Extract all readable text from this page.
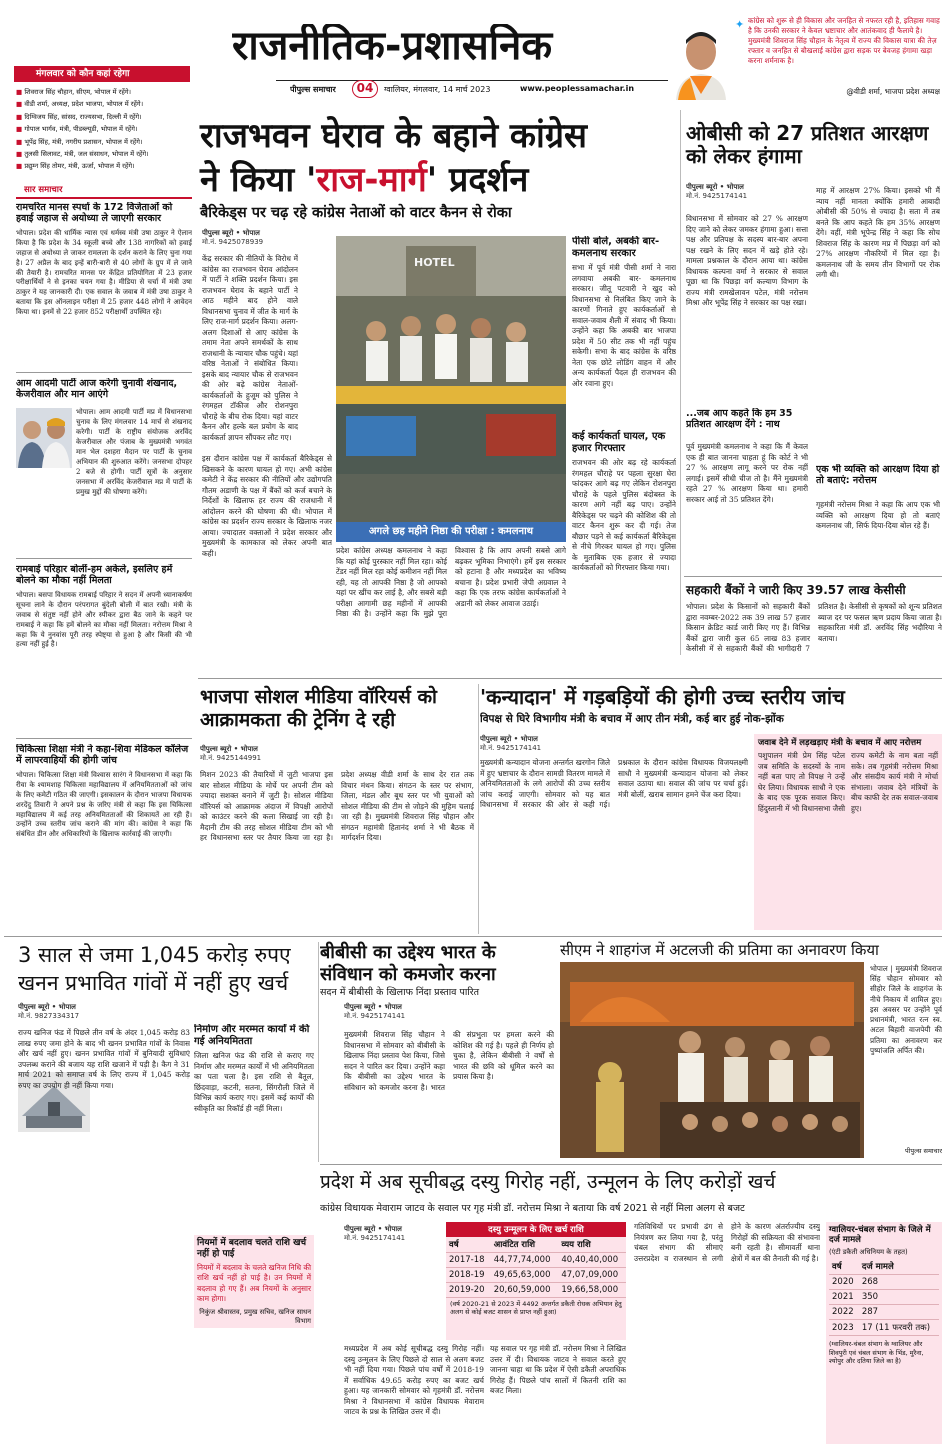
राजनीतिक-प्रशासनिक
पीपुल्स समाचार	04	ग्वालियर, मंगलवार, 14 मार्च 2023	www.peoplessamachar.in
✦ कांग्रेस को शुरू से ही विकास और जनहित से नफरत रही है, इतिहास गवाह है कि उनकी सरकार ने केवल भ्रष्टाचार और आतंकवाद ही फैलाये है। मुख्यमंत्री शिवराज सिंह चौहान के नेतृत्व में राज्य की विकास यात्रा की तेज़ रफ्तार व जनहित से बौखलाई कांग्रेस द्वारा सड़क पर बेवजह हंगामा खड़ा करना शर्मनाक है।
@वीडी शर्मा, भाजपा प्रदेश अध्यक्ष
मंगलवार को कौन कहां रहेगा
■ शिवराज सिंह चौहान, सीएम, भोपाल में रहेंगे।
■ वीडी शर्मा, अध्यक्ष, प्रदेश भाजपा, भोपाल में रहेंगे।
■ दिग्विजय सिंह, सांसद, राज्यसभा, दिल्ली में रहेंगे।
■ गोपाल भार्गव, मंत्री, पीडब्ल्यूडी, भोपाल में रहेंगे।
■ भूपेंद्र सिंह, मंत्री, नगरीय प्रशासन, भोपाल में रहेंगे।
■ तुलसी सिलावट, मंत्री, जल संसाधन, भोपाल में रहेंगे।
■ प्रद्युम्न सिंह तोमर, मंत्री, ऊर्जा, भोपाल में रहेंगे।
सार समाचार
रामचरित मानस स्पर्धा के 172 विजेताओं को हवाई जहाज से अयोध्या ले जाएगी सरकार
भोपाल। प्रदेश की धार्मिक न्यास एवं धर्मस्व मंत्री उषा ठाकुर ने ऐलान किया है कि प्रदेश के 34 स्कूली बच्चे और 138 नागरिकों को हवाई जहाज से अयोध्या ले जाकर रामलला के दर्शन कराने के लिए चुना गया है। 27 अप्रैल के बाद इन्हें बारी-बारी से 40 लोगों के ग्रुप में ले जाने की तैयारी है। रामचरित मानस पर केंद्रित प्रतियोगिता में 23 हजार परीक्षार्थियों ने से इनका चयन गया है। मीडिया से चर्चा में मंत्री उषा ठाकुर ने यह जानकारी दी। एक सवाल के जवाब में मंत्री उषा ठाकुर ने बताया कि इस ऑनलाइन परीक्षा में 25 हजार 448 लोगों ने आवेदन किया था। इनमें से 22 हजार 852 परीक्षार्थी उपस्थित रहे।
आम आदमी पार्टी आज करेगी चुनावी शंखनाद, केजरीवाल और मान आएंगे
भोपाल। आम आदमी पार्टी मप्र में विधानसभा चुनाव के लिए मंगलवार 14 मार्च से शंखनाद करेगी। पार्टी के राष्ट्रीय संयोजक अरविंद केजरीवाल और पंजाब के मुख्यमंत्री भगवंत मान भेल दशहरा मैदान पर पार्टी के चुनाव अभियान की शुरुआत करेंगे। जनसभा दोपहर 2 बजे से होगी। पार्टी सूत्रों के अनुसार जनसभा में अरविंद केजरीवाल मप्र में पार्टी के प्रमुख मुद्दों की घोषणा करेंगे।
रामबाई परिहार बोलीं-हम अकेले, इसलिए हमें बोलने का मौका नहीं मिलता
भोपाल। बसपा विधायक रामबाई परिहार ने सदन में अपनी ध्यानाकर्षण सूचना लाने के दौरान परंपरागत बुंदेली बोली में बात रखी। मंत्री के जवाब से संतुष्ट नहीं होने और स्पीकर द्वारा बैठ जाने के कहने पर रामबाई ने कहा कि हमें बोलने का मौका नहीं मिलता। नरोत्तम मिश्रा ने कहा कि ये नुनवांस पूरी तरह स्पेष्ट्या से हुआ है और किसी की भी हत्या नहीं हुई है।
चिकित्सा शिक्षा मंत्री ने कहा-शिवा मेडिकल कॉलेज में लापरवाहियों की होगी जांच
भोपाल। चिकित्सा शिक्षा मंत्री विश्वास सारंग ने विधानसभा में कहा कि रीवा के श्यामशाह चिकित्सा महाविद्यालय में अनियमितताओं को जांच के लिए कमेटी गठित की जाएगी। इसकालन के दौरान भाजपा विधायक शरदेंदु तिवारी ने अपने प्रश्न के जरिए मंत्री से कहा कि इस चिकित्सा महाविद्यालय में कई तरह अनियमितताओं की शिकायतें आ रही हैं। उन्होंने उच्च स्तरीय जांच कराने की मांग की। कांग्रेस ने कहा कि संबंधित डीन और अधिकारियों के खिलाफ कार्रवाई की जाएगी।
राजभवन घेराव के बहाने कांग्रेस
ने किया 'राज-मार्ग' प्रदर्शन
बैरिकेड्स पर चढ़ रहे कांग्रेस नेताओं को वाटर कैनन से रोका
पीपुल्स ब्यूरो • भोपाल
मो.नं. 9425078939
केंद्र सरकार की नीतियों के विरोध में कांग्रेस का राजभवन घेराव आंदोलन में पार्टी ने शक्ति प्रदर्शन किया। इस राजभवन घेराव के बहाने पार्टी ने आठ महीने बाद होने वाले विधानसभा चुनाव में जीत के मार्ग के लिए राज-मार्ग प्रदर्शन किया। अलग-अलग दिशाओं से आए कांग्रेस के तमाम नेता अपने समर्थकों के साथ राजधानी के न्यायार चौक पहुंचे। यहां वरिष्ठ नेताओं ने संबोधित किया। इसके बाद न्यायार चौक से राजभवन की ओर बढ़े कांग्रेस नेताओं-कार्यकर्ताओं के हुजूम को पुलिस ने रंगमहल टॉकीज और रोशनपुरा चौराहे के बीच रोक दिया। यहां वाटर कैनन और हल्के बल प्रयोग के बाद कार्यकर्ता ज्ञापन सौंपकर लौट गए।
HOTEL
अगले छह महीने निष्ठा की परीक्षा : कमलनाथ
इस दौरान कांग्रेस पक्ष में कार्यकर्ता बैरिकेड्स से खिसकने के कारण घायल हो गए। अभी कांग्रेस कमेटी ने केंद्र सरकार की नीतियों और उद्योगपति गौतम अडाणी के पक्ष में बैंकों को कर्ज बचाने के निर्देशों के खिलाफ हर राज्य की राजधानी में आंदोलन करने की घोषणा की थी। भोपाल में कांग्रेस का प्रदर्शन राज्य सरकार के खिलाफ नजर आया। ज्यादातर वक्ताओं ने प्रदेश सरकार और मुख्यमंत्री के कामकाज को लेकर अपनी बात कही।	प्रदेश कांग्रेस अध्यक्ष कमलनाथ ने कहा कि यहां कोई पुरस्कार नहीं मिल रहा। कोई टेंडर नहीं मिल रहा कोई कमीशन नहीं मिल रही, यह तो आपकी निष्ठा है जो आपको यहां पर खींच कर लाई है, और सबसे बड़ी परीक्षा आगामी छह महीनों में आपकी निष्ठा की है। उन्होंने कहा कि मुझे पूरा विश्वास है कि आप अपनी सबसे आगे बढ़कर भूमिका निभाएंगे। हमें इस सरकार को हटाना है और मध्यप्रदेश का भविष्य बचाना है। प्रदेश प्रभारी जेपी अग्रवाल ने कहा कि एक तरफ कांग्रेस कार्यकर्ताओं ने अडानी को लेकर आवाज उठाई।
पीसी बोले, अबकी बार-कमलनाथ सरकार
सभा में पूर्व मंत्री पीसी शर्मा ने नारा लगवाया अबकी बार- कमलनाथ सरकार। जीतू पटवारी ने खुद को विधानसभा से निलंबित किए जाने के कारणों गिनाते हुए कार्यकर्ताओं से सवाल-जवाब शैली में संवाद भी किया। उन्होंने कहा कि अबकी बार भाजपा प्रदेश में 50 सीट तक भी नहीं पहुंच सकेगी। सभा के बाद कांग्रेस के वरिष्ठ नेता एक छोटे लोडिंग वाहन में और अन्य कार्यकर्ता पैदल ही राजभवन की ओर रवाना हुए।
कई कार्यकर्ता घायल, एक हजार गिरफ्तार
राजभवन की ओर बढ़ रहे कार्यकर्ता रंगमहल चौराहे पर पहला सुरक्षा घेरा फांदकर आगे बढ़ गए लेकिन रोशनपुरा चौराहे के पहले पुलिस बंदोबस्त के कारण आगे नहीं बढ़ पाए। उन्होंने बैरिकेड्स पर चढ़ने की कोशिश की तो वाटर कैनन शुरू कर दी गई। तेज बौछार पड़ने से कई कार्यकर्ता बैरिकेड्स से नीचे गिरकर घायल हो गए। पुलिस के मुताबिक एक हजार से ज्यादा कार्यकर्ताओं को गिरफ्तार किया गया।
ओबीसी को 27 प्रतिशत आरक्षण को लेकर हंगामा
पीपुल्स ब्यूरो • भोपाल
मो.नं. 9425174141
विधानसभा में सोमवार को 27 % आरक्षण दिए जाने को लेकर जमकर हंगामा हुआ। सत्ता पक्ष और प्रतिपक्ष के सदस्य बार-बार अपना पक्ष रखने के लिए सदन में खड़े होते रहे। मामला प्रश्नकाल के दौरान आया था। कांग्रेस विधायक कल्पना वर्मा ने सरकार से सवाल पूछा था कि पिछड़ा वर्ग कल्याण विभाग के राज्य मंत्री रामखेलावन पटेल, मंत्री नरोत्तम मिश्रा और भूपेंद्र सिंह ने सरकार का पक्ष रखा।
...जब आप कहते कि हम 35 प्रतिशत आरक्षण देंगे : नाथ
पूर्व मुख्यमंत्री कमलनाथ ने कहा कि मैं केवल एक ही बात जानना चाहता हूं कि कोर्ट ने भी 27 % आरक्षण लागू करने पर रोक नहीं लगाई। इसमें सीधी चीज तो है। मैंने मुख्यमंत्री रहते 27 % आरक्षण किया था। हमारी सरकार आई तो 35 प्रतिशत देंगे।
माह में आरक्षण 27% किया। इसको भी मैं न्याय नहीं मानता क्योंकि हमारी आबादी ओबीसी की 50% से ज्यादा है। सता में तब बनते कि आप कहते कि हम 35% आरक्षण देंगे। वहीं, मंत्री भूपेन्द्र सिंह ने कहा कि सोच शिवराज सिंह के कारण मप्र में पिछड़ा वर्ग को 27% आरक्षण नौकरियों में मिल रहा है। कमलनाथ जी के समय तीन विभागों पर रोक लगी थी।
एक भी व्यक्ति को आरक्षण दिया हो तो बताएं: नरोत्तम
गृहमंत्री नरोत्तम मिश्रा ने कहा कि आप एक भी व्यक्ति को आरक्षण दिया हो तो बताएं कमलनाथ जी, सिर्फ दिया-दिया बोल रहे हैं।
सहकारी बैंकों ने जारी किए 39.57 लाख केसीसी
भोपाल। प्रदेश के किसानों को सहकारी बैंकों द्वारा नवम्बर-2022 तक 39 लाख 57 हजार किसान क्रेडिट कार्ड जारी किए गए हैं। विभिन्न बैंकों द्वारा जारी कुल 65 लाख 83 हजार केसीसी में से सहकारी बैंकों की भागीदारी 7 प्रतिशत है। केसीसी से कृषकों को शून्य प्रतिशत ब्याज दर पर फसल ऋण प्रदाय किया जाता है। सहकारिता मंत्री डॉ. अरविंद सिंह भदौरिया ने बताया।
भाजपा सोशल मीडिया वॉरियर्स को आक्रामकता की ट्रेनिंग दे रही
पीपुल्स ब्यूरो • भोपाल
मो.नं. 9425144991
मिशन 2023 की तैयारियों में जुटी भाजपा इस बार सोशल मीडिया के मोर्चे पर अपनी टीम को ज्यादा सशक्त बनाने में जुटी है। सोशल मीडिया वॉरियर्स को आक्रामक अंदाज में विपक्षी आरोपों को काउंटर करने की कला सिखाई जा रही है। मैदानी टीम की तरह सोशल मीडिया टीम को भी हर विधानसभा स्तर पर तैयार किया जा रहा है। प्रदेश अध्यक्ष वीडी शर्मा के साथ देर रात तक विचार मंथन किया। संगठन के स्तर पर संभाग, जिला, मंडल और बूथ स्तर पर भी युवाओं को सोशल मीडिया की टीम से जोड़ने की मुहिम चलाई जा रही है। मुख्यमंत्री शिवराज सिंह चौहान और संगठन महामंत्री हितानंद शर्मा ने भी बैठक में मार्गदर्शन दिया।
'कन्यादान' में गड़बड़ियों की होगी उच्च स्तरीय जांच
विपक्ष से घिरे विभागीय मंत्री के बचाव में आए तीन मंत्री, कई बार हुई नोक-झोंक
पीपुल्स ब्यूरो • भोपाल
मो.नं. 9425174141
मुख्यमंत्री कन्यादान योजना अन्तर्गत खरगोन जिले में हुए भ्रष्टाचार के दौरान सामग्री वितरण मामले में अनियमितताओं के लगे आरोपों की उच्च स्तरीय जांच कराई जाएगी। सोमवार को यह बात विधानसभा में सरकार की ओर से कही गई। प्रश्नकाल के दौरान कांग्रेस विधायक विजयलक्ष्मी साधौ ने मुख्यमंत्री कन्यादान योजना को लेकर सवाल उठाया था। सवाल की जांच पर चर्चा हुई। मंत्री बोलीं, खराब सामान हमने चेंज करा दिया।
जवाब देने में लड़खड़ाए मंत्री के बचाव में आए नरोत्तम
पशुपालन मंत्री प्रेम सिंह पटेल जब समिति के सदस्यों के नाम नहीं बता पाए तो विपक्ष ने उन्हें घेर लिया। विधायक साधौ ने एक के बाद एक पूरक सवाल किए। हिंदुस्तानी में भी विधानसभा जैसी राज्य कमेटी के नाम बता नहीं सके। तब गृहमंत्री नरोत्तम मिश्रा और संसदीय कार्य मंत्री ने मोर्चा संभाला। जवाब देने मंत्रियों के बीच काफी देर तक सवाल-जवाब हुए।
3 साल से जमा 1,045 करोड़ रुपए
खनन प्रभावित गांवों में नहीं हुए खर्च
पीपुल्स ब्यूरो • भोपाल
मो.नं. 9827334317
राज्य खनिज फंड में पिछले तीन वर्ष के अंदर 1,045 करोड़ 83 लाख रुपए जमा होने के बाद भी खनन प्रभावित गांवों के निवास और खर्च नहीं हुए। खनन प्रभावित गांवों में बुनियादी सुविधाएं उपलब्ध कराने की बजाय यह राशि खजाने में पड़ी है। कैग ने 31 मार्च 2021 को समाप्त वर्ष के लिए राज्य में 1,045 करोड़ रुपए का उपयोग ही नहीं किया गया।
निर्माण और मरम्मत कार्यों में की गई अनियमितता
जिला खनिज फंड की राशि से कराए गए निर्माण और मरम्मत कार्यों में भी अनियमितता का पता चला है। इस राशि से बैतूल, छिंदवाड़ा, कटनी, सतना, सिंगरौली जिले में विभिन्न कार्य कराए गए। इसमें कई कार्यों की स्वीकृति का रिकॉर्ड ही नहीं मिला।
नियमों में बदलाव चलते राशि खर्च नहीं हो पाई
नियमों में बदलाव के चलते खनिज निधि की राशि खर्च नहीं हो पाई है। उन नियमों में बदलाव हो गए हैं। अब नियमों के अनुसार काम होगा।
निकुंज श्रीवास्तव, प्रमुख सचिव, खनिज साधन विभाग
बीबीसी का उद्देश्य भारत के संविधान को कमजोर करना
सदन में बीबीसी के खिलाफ निंदा प्रस्ताव पारित
पीपुल्स ब्यूरो • भोपाल
मो.नं. 9425174141
मुख्यमंत्री शिवराज सिंह चौहान ने विधानसभा में सोमवार को बीबीसी के खिलाफ निंदा प्रस्ताव पेश किया, जिसे सदन ने पारित कर दिया। उन्होंने कहा कि बीबीसी का उद्देश्य भारत के संविधान को कमजोर करना है। भारत की संप्रभुता पर हमला करने की कोशिश की गई है। पहले ही निर्णय हो चुका है, लेकिन बीबीसी ने वर्षों से भारत की छवि को धूमिल करने का प्रयास किया है।
सीएम ने शाहगंज में अटलजी की प्रतिमा का अनावरण किया
भोपाल | मुख्यमंत्री शिवराज सिंह चौहान सोमवार को सीहोर जिले के शाहगंज के नीचे निकाय में शामिल हुए। इस अवसर पर उन्होंने पूर्व प्रधानमंत्री, भारत रत्न स्व. अटल बिहारी वाजपेयी की प्रतिमा का अनावरण कर पुष्पांजलि अर्पित की।
पीपुल्स समाचार
प्रदेश में अब सूचीबद्ध दस्यु गिरोह नहीं, उन्मूलन के लिए करोड़ों खर्च
कांग्रेस विधायक मेवाराम जाटव के सवाल पर गृह मंत्री डॉ. नरोत्तम मिश्रा ने बताया कि वर्ष 2021 से नहीं मिला अलग से बजट
पीपुल्स ब्यूरो • भोपाल
मो.नं. 9425174141
दस्यु उन्मूलन के लिए खर्च राशि
वर्ष	आवंटित राशि	व्यय राशि
2017-18	44,77,74,000	40,40,40,000
2018-19	49,65,63,000	47,07,09,000
2019-20	20,60,59,000	19,66,58,000
(वर्ष 2020-21 से 2023 में 4492 अन्तर्गत डकैती रोधक अभियान हेतु अलग से कोई बजट शासन से प्राप्त नहीं हुआ)
मध्यप्रदेश में अब कोई सूचीबद्ध दस्यु गिरोह नहीं। दस्यु उन्मूलन के लिए पिछले दो साल से अलग बजट भी नहीं दिया गया। पिछले पांच वर्षों में 2018-19 में सर्वाधिक 49.65 करोड़ रुपए का बजट खर्च हुआ। यह जानकारी सोमवार को गृहमंत्री डॉ. नरोत्तम मिश्रा ने विधानसभा में कांग्रेस विधायक मेवाराम जाटव के प्रश्न के लिखित उत्तर में दी।
यह सवाल पर गृह मंत्री डॉ. नरोत्तम मिश्रा ने लिखित उत्तर में दी। विधायक जाटव ने सवाल करते हुए जानना चाहा था कि प्रदेश में ऐसी डकैती अपराधिक गिरोह हैं। पिछले पांच सालों में कितनी राशि का बजट मिला।
गतिविधियों पर प्रभावी ढंग से नियंत्रण कर लिया गया है, परंतु चंबल संभाग की सीमाएं उत्तरप्रदेश व राजस्थान से लगी होने के कारण अंतर्राज्यीय दस्यु गिरोहों की सक्रियता की संभावना बनी रहती है। सीमावर्ती थाना क्षेत्रों में बल की तैनाती की गई है।
ग्वालियर-चंबल संभाग के जिले में दर्ज मामले
(एंटी डकैती अधिनियम के तहत)
वर्ष	दर्ज मामले
2020	268
2021	350
2022	287
2023	17 (11 फरवरी तक)
(ग्वालियर-चंबल संभाग के ग्वालियर और शिवपुरी एवं चंबल संभाग के भिंड, मुरैना, श्योपुर और दतिया जिले का है)
